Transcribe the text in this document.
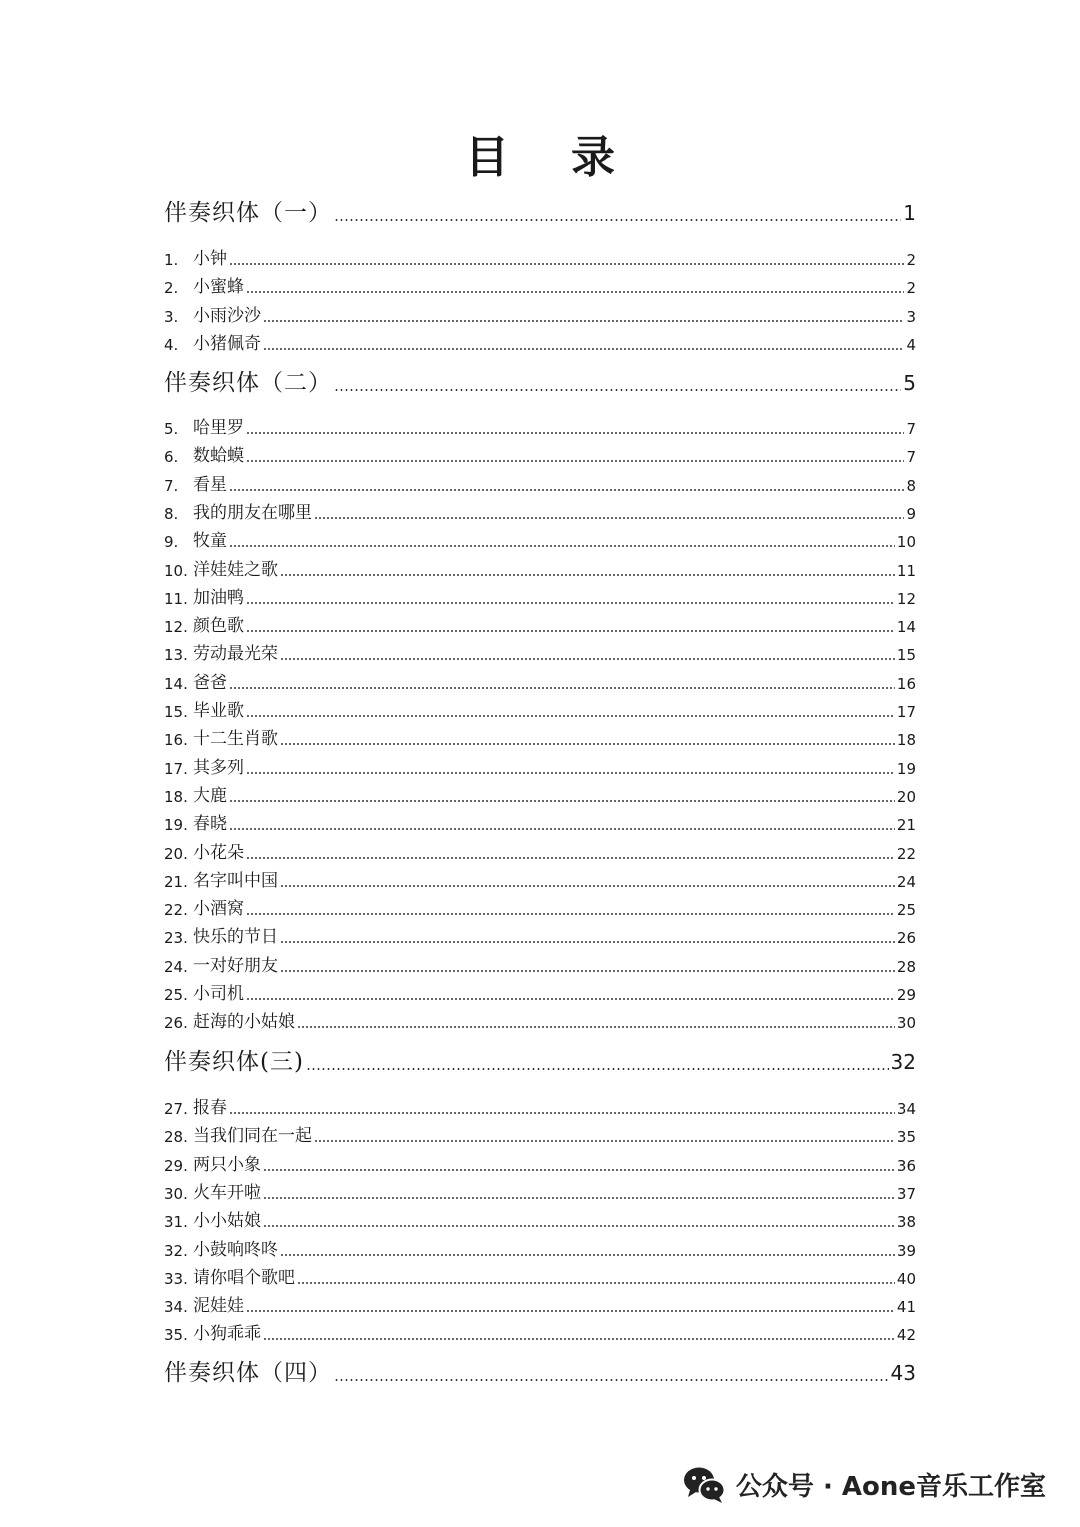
目 录
伴奏织体（一）	1
1. 小钟	2
2. 小蜜蜂	2
3. 小雨沙沙	3
4. 小猪佩奇	4
伴奏织体（二）	5
5. 哈里罗	7
6. 数蛤蟆	7
7. 看星	8
8. 我的朋友在哪里	9
9. 牧童	10
10. 洋娃娃之歌	11
11. 加油鸭	12
12. 颜色歌	14
13. 劳动最光荣	15
14. 爸爸	16
15. 毕业歌	17
16. 十二生肖歌	18
17. 其多列	19
18. 大鹿	20
19. 春晓	21
20. 小花朵	22
21. 名字叫中国	24
22. 小酒窝	25
23. 快乐的节日	26
24. 一对好朋友	28
25. 小司机	29
26. 赶海的小姑娘	30
伴奏织体(三)	32
27. 报春	34
28. 当我们同在一起	35
29. 两只小象	36
30. 火车开啦	37
31. 小小姑娘	38
32. 小鼓响咚咚	39
33. 请你唱个歌吧	40
34. 泥娃娃	41
35. 小狗乖乖	42
伴奏织体（四）	43
公众号 · Aone音乐工作室
